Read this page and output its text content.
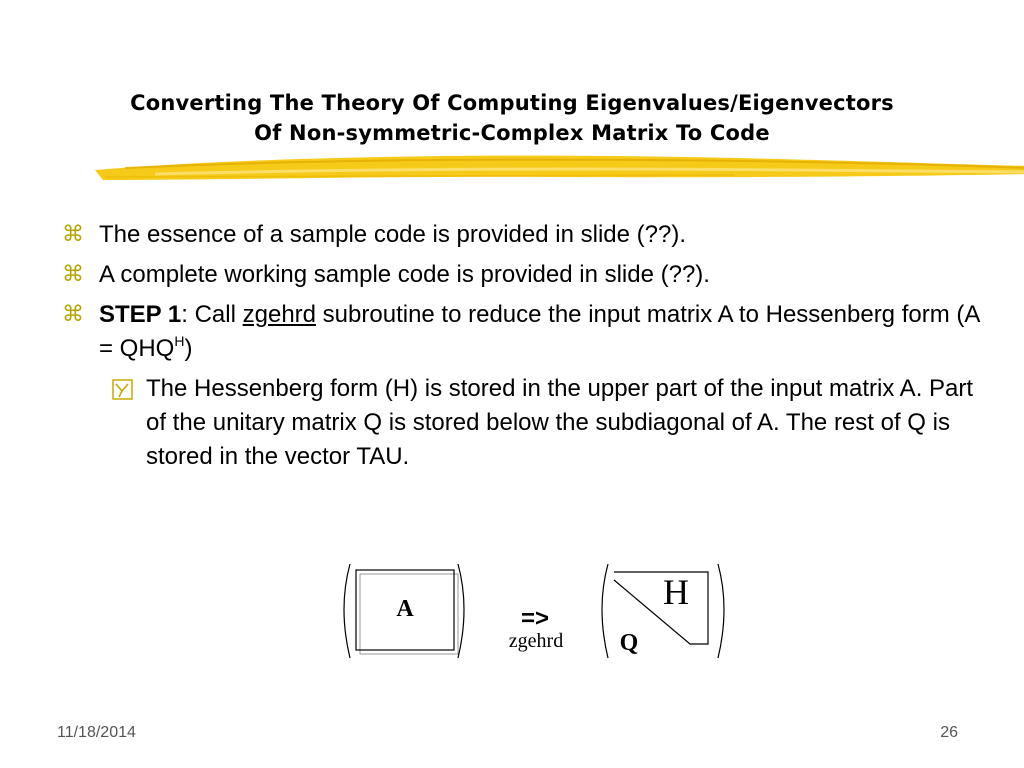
Converting The Theory Of Computing Eigenvalues/Eigenvectors
Of Non-symmetric-Complex Matrix To Code
⌘ The essence of a sample code is provided in slide (??).
⌘ A complete working sample code is provided in slide (??).
⌘ STEP 1: Call zgehrd subroutine to reduce the input matrix A to Hessenberg form $(A = QHQ^H)$
The Hessenberg form (H) is stored in the upper part of the input matrix A. Part of the unitary matrix Q is stored below the subdiagonal of A. The rest of Q is stored in the vector TAU.
A	=>
zgehrd
H
Q
11/18/2014	26
